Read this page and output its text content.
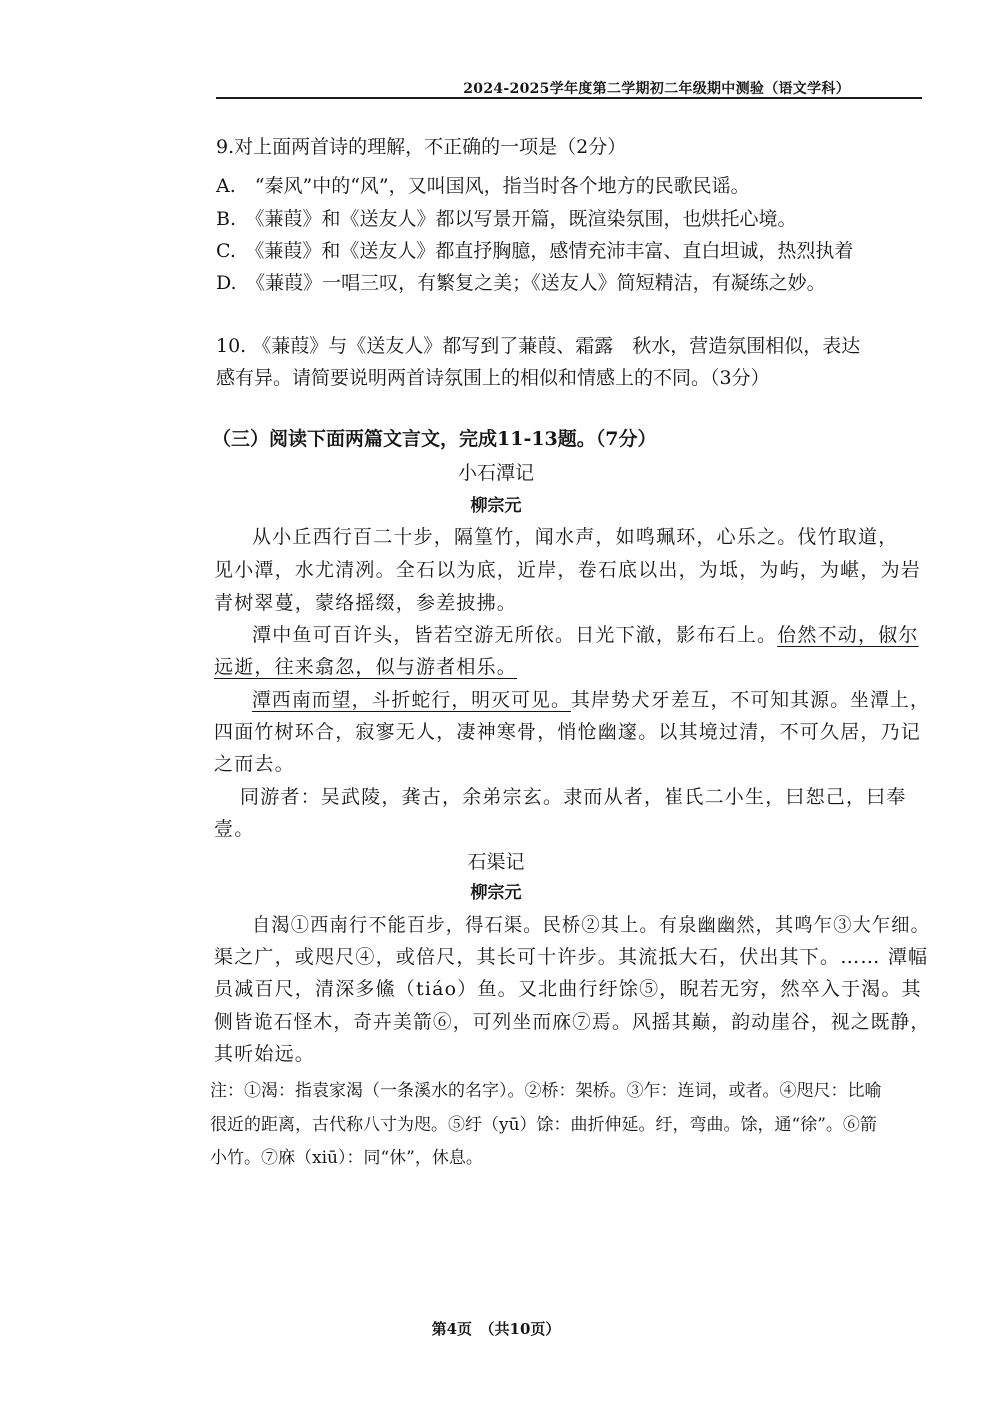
2024-2025学年度第二学期初二年级期中测验（语文学科）
9.对上面两首诗的理解，不正确的一项是（2分）
A.　“秦风”中的“风”，又叫国风，指当时各个地方的民歌民谣。
B.　《蒹葭》和《送友人》都以写景开篇，既渲染氛围，也烘托心境。
C.　《蒹葭》和《送友人》都直抒胸臆，感情充沛丰富、直白坦诚，热烈执着
D.　《蒹葭》一唱三叹，有繁复之美；《送友人》简短精洁，有凝练之妙。
10. 《蒹葭》与《送友人》都写到了蒹葭、霜露　秋水，营造氛围相似，表达
感有异。请简要说明两首诗氛围上的相似和情感上的不同。（3分）
（三）阅读下面两篇文言文，完成11-13题。（7分）
小石潭记
柳宗元
从小丘西行百二十步，隔篁竹，闻水声，如鸣珮环，心乐之。伐竹取道，
见小潭，水尤清冽。全石以为底，近岸，卷石底以出，为坻，为屿，为嵁，为岩
青树翠蔓，蒙络摇缀，参差披拂。
潭中鱼可百许头，皆若空游无所依。日光下澈，影布石上。佁然不动，俶尔
远逝，往来翕忽，似与游者相乐。
潭西南而望，斗折蛇行，明灭可见。其岸势犬牙差互，不可知其源。坐潭上，
四面竹树环合，寂寥无人，凄神寒骨，悄怆幽邃。以其境过清，不可久居，乃记
之而去。
同游者：吴武陵，龚古，余弟宗玄。隶而从者，崔氏二小生，曰恕己，曰奉
壹。
石渠记
柳宗元
自渴①西南行不能百步，得石渠。民桥②其上。有泉幽幽然，其鸣乍③大乍细。
渠之广，或咫尺④，或倍尺，其长可十许步。其流抵大石，伏出其下。…… 潭幅
员减百尺，清深多鯈（tiáo）鱼。又北曲行纡馀⑤，睨若无穷，然卒入于渴。其
侧皆诡石怪木，奇卉美箭⑥，可列坐而庥⑦焉。风摇其巅，韵动崖谷，视之既静，
其听始远。
注：①渴：指袁家渴（一条溪水的名字）。②桥：架桥。③乍：连词，或者。④咫尺：比喻
很近的距离，古代称八寸为咫。⑤纡（yū）馀：曲折伸延。纡，弯曲。馀，通“徐”。⑥箭
小竹。⑦庥（xiū）：同“休”，休息。
第4页　（共10页）
